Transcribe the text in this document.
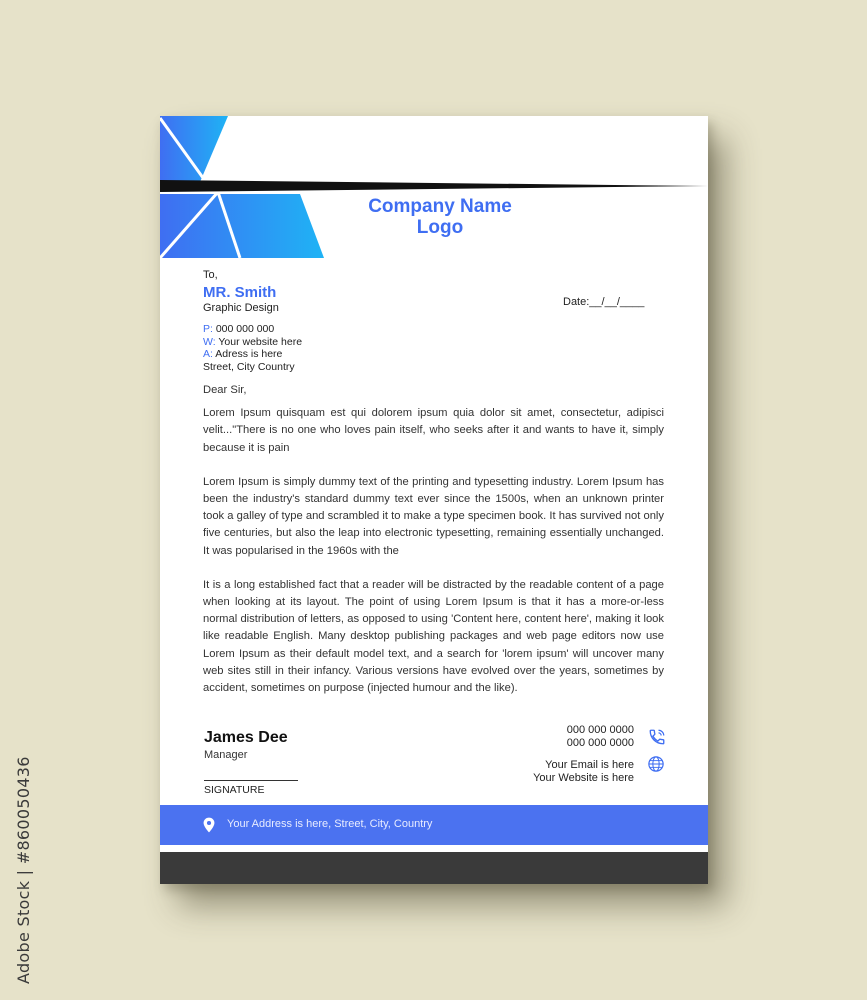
Adobe Stock | #860050436
Company Name
Logo
To,
MR. Smith
Graphic Design
P: 000 000 000
W: Your website here
A: Adress is here
Street, City Country
Date:__/__/____

Dear Sir,

Lorem Ipsum quisquam est qui dolorem ipsum quia dolor sit amet, consectetur, adipisci velit..."There is no one who loves pain itself, who seeks after it and wants to have it, simply because it is pain

Lorem Ipsum is simply dummy text of the printing and typesetting industry. Lorem Ipsum has been the industry's standard dummy text ever since the 1500s, when an unknown printer took a galley of type and scrambled it to make a type specimen book. It has survived not only five centuries, but also the leap into electronic typesetting, remaining essentially unchanged. It was popularised in the 1960s with the

It is a long established fact that a reader will be distracted by the readable content of a page when looking at its layout. The point of using Lorem Ipsum is that it has a more-or-less normal distribution of letters, as opposed to using 'Content here, content here', making it look like readable English. Many desktop publishing packages and web page editors now use Lorem Ipsum as their default model text, and a search for 'lorem ipsum' will uncover many web sites still in their infancy. Various versions have evolved over the years, sometimes by accident, sometimes on purpose (injected humour and the like).

James Dee
Manager
SIGNATURE
000 000 0000
000 000 0000
Your Email is here
Your Website is here
Your Address is here, Street, City, Country
